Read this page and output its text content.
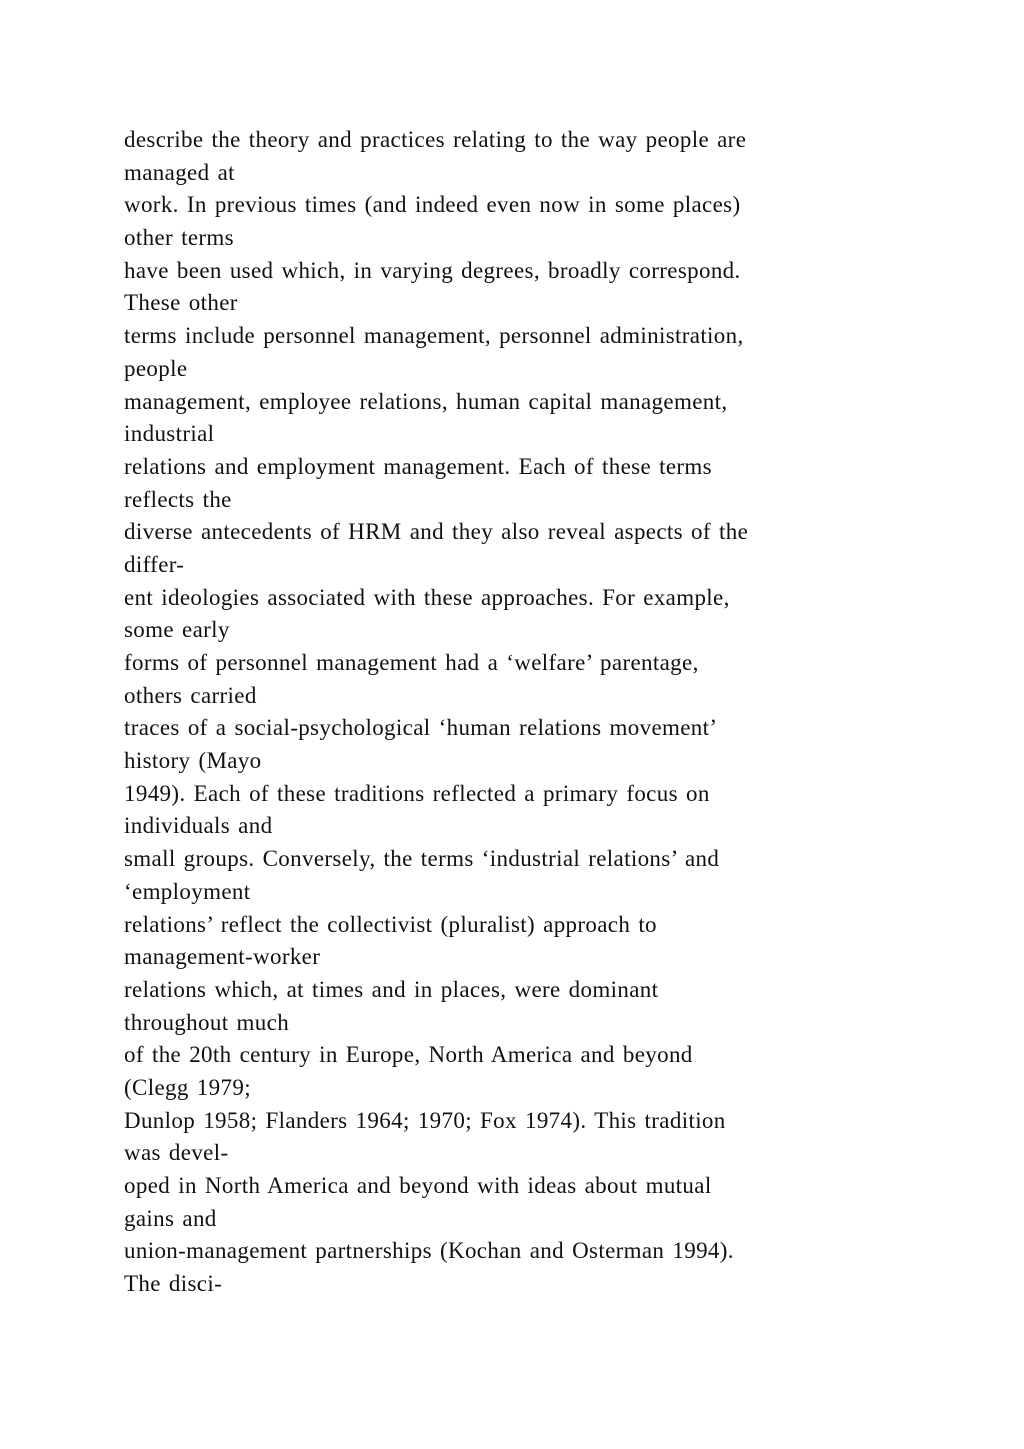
describe the theory and practices relating to the way people are
managed at
work. In previous times (and indeed even now in some places)
other terms
have been used which, in varying degrees, broadly correspond.
These other
terms include personnel management, personnel administration,
people
management, employee relations, human capital management,
industrial
relations and employment management. Each of these terms
reflects the
diverse antecedents of HRM and they also reveal aspects of the
differ-
ent ideologies associated with these approaches. For example,
some early
forms of personnel management had a ‘welfare’ parentage,
others carried
traces of a social-psychological ‘human relations movement’
history (Mayo
1949). Each of these traditions reflected a primary focus on
individuals and
small groups. Conversely, the terms ‘industrial relations’ and
‘employment
relations’ reflect the collectivist (pluralist) approach to
management-worker
relations which, at times and in places, were dominant
throughout much
of the 20th century in Europe, North America and beyond
(Clegg 1979;
Dunlop 1958; Flanders 1964; 1970; Fox 1974). This tradition
was devel-
oped in North America and beyond with ideas about mutual
gains and
union-management partnerships (Kochan and Osterman 1994).
The disci-
